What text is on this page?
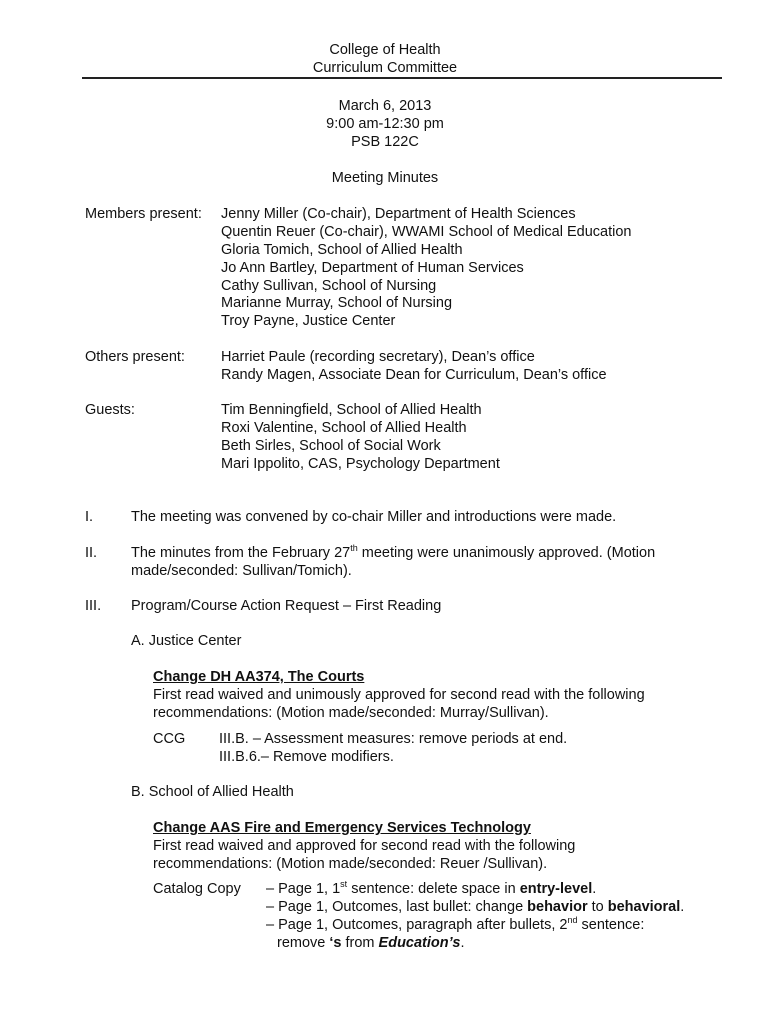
College of Health
Curriculum Committee
March 6, 2013
9:00 am-12:30 pm
PSB 122C
Meeting Minutes
Members present: Jenny Miller (Co-chair), Department of Health Sciences
Quentin Reuer (Co-chair), WWAMI School of Medical Education
Gloria Tomich, School of Allied Health
Jo Ann Bartley, Department of Human Services
Cathy Sullivan, School of Nursing
Marianne Murray, School of Nursing
Troy Payne, Justice Center
Others present: Harriet Paule (recording secretary), Dean’s office
Randy Magen, Associate Dean for Curriculum, Dean’s office
Guests:	Tim Benningfield, School of Allied Health
Roxi Valentine, School of Allied Health
Beth Sirles, School of Social Work
Mari Ippolito, CAS, Psychology Department
I.	The meeting was convened by co-chair Miller and introductions were made.
II. The minutes from the February 27th meeting were unanimously approved. (Motion
made/seconded: Sullivan/Tomich).
III. Program/Course Action Request – First Reading
A. Justice Center
Change DH AA374, The Courts
First read waived and unimously approved for second read with the following
recommendations: (Motion made/seconded: Murray/Sullivan).
CCG III.B. – Assessment measures: remove periods at end.
III.B.6.– Remove modifiers.
B. School of Allied Health
Change AAS Fire and Emergency Services Technology
First read waived and approved for second read with the following
recommendations: (Motion made/seconded: Reuer /Sullivan).
Catalog Copy – Page 1, 1st sentence: delete space in entry-level.
– Page 1, Outcomes, last bullet: change behavior to behavioral.
– Page 1, Outcomes, paragraph after bullets, 2nd sentence:
remove ‘s from Education’s.
